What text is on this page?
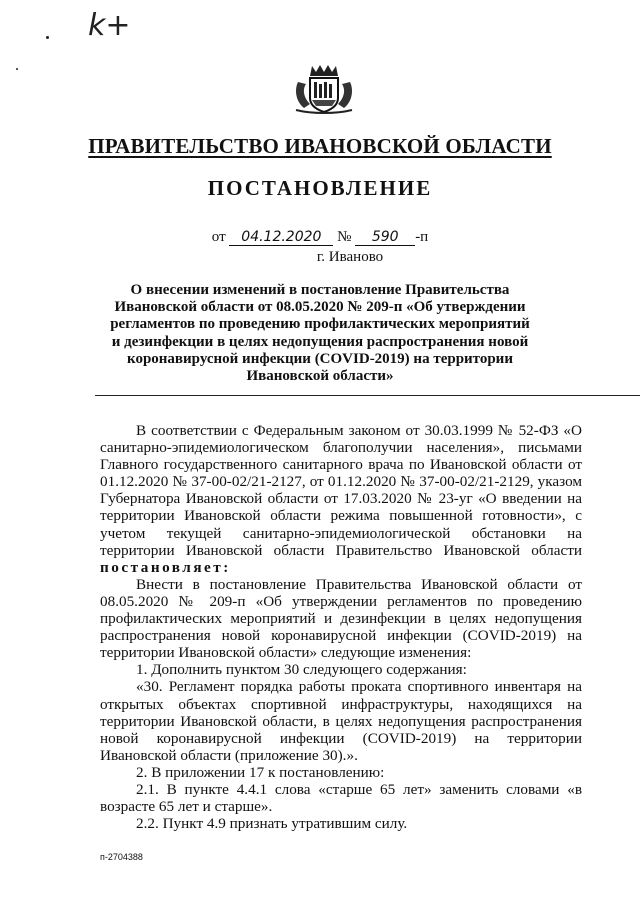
k+
ПРАВИТЕЛЬСТВО ИВАНОВСКОЙ ОБЛАСТИ
ПОСТАНОВЛЕНИЕ
от 04.12.2020 № 590 -п
г. Иваново
О внесении изменений в постановление Правительства Ивановской области от 08.05.2020 № 209-п «Об утверждении регламентов по проведению профилактических мероприятий и дезинфекции в целях недопущения распространения новой коронавирусной инфекции (COVID-2019) на территории Ивановской области»

В соответствии с Федеральным законом от 30.03.1999 № 52-ФЗ «О санитарно-эпидемиологическом благополучии населения», письмами Главного государственного санитарного врача по Ивановской области от 01.12.2020 № 37-00-02/21-2127, от 01.12.2020 № 37-00-02/21-2129, указом Губернатора Ивановской области от 17.03.2020 № 23-уг «О введении на территории Ивановской области режима повышенной готовности», с учетом текущей санитарно-эпидемиологической обстановки на территории Ивановской области Правительство Ивановской области постановляет:

Внести в постановление Правительства Ивановской области от 08.05.2020 № 209-п «Об утверждении регламентов по проведению профилактических мероприятий и дезинфекции в целях недопущения распространения новой коронавирусной инфекции (COVID-2019) на территории Ивановской области» следующие изменения:

1. Дополнить пунктом 30 следующего содержания:

«30. Регламент порядка работы проката спортивного инвентаря на открытых объектах спортивной инфраструктуры, находящихся на территории Ивановской области, в целях недопущения распространения новой коронавирусной инфекции (COVID-2019) на территории Ивановской области (приложение 30).».

2. В приложении 17 к постановлению:

2.1. В пункте 4.4.1 слова «старше 65 лет» заменить словами «в возрасте 65 лет и старше».

2.2. Пункт 4.9 признать утратившим силу.

п-2704388
